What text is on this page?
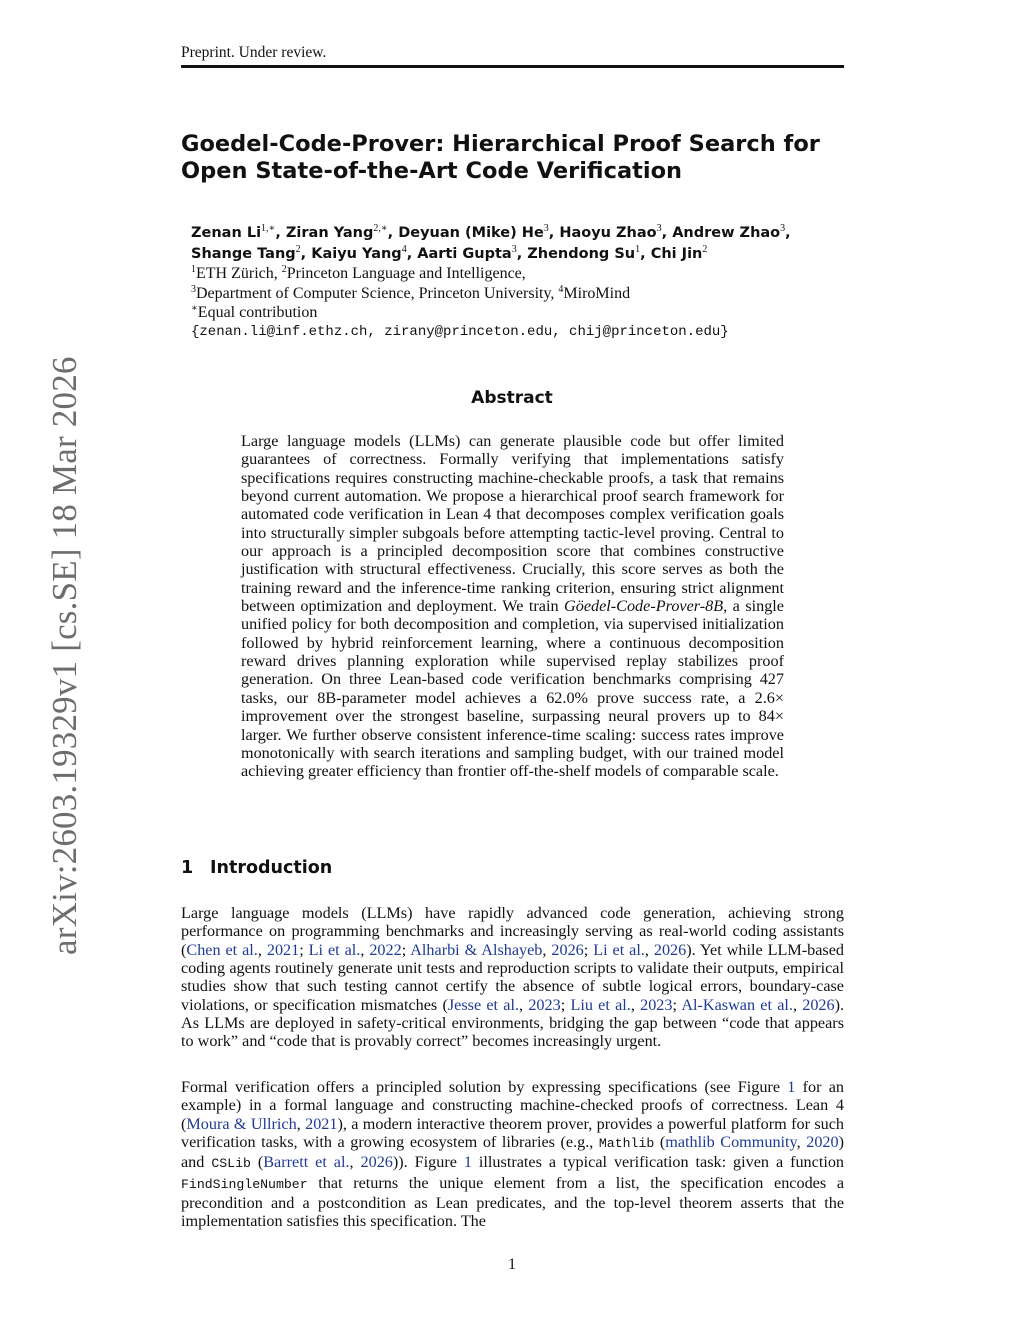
Preprint. Under review.
arXiv:2603.19329v1 [cs.SE] 18 Mar 2026
Goedel-Code-Prover: Hierarchical Proof Search for
Open State-of-the-Art Code Verification
Zenan $Li^{1,∗}$, Ziran Yang$^{2,∗}$, Deyuan (Mike) He$^3$, Haoyu Zhao$^3$, Andrew Zhao$^3$,
Shange Tang$^2$, Kaiyu Yang$^4$, Aarti Gupta$^3$, Zhendong Su$^1$, Chi Jin$^2$
$^1$ETH Zürich, $^2$Princeton Language and Intelligence,
$^3$Department of Computer Science, Princeton University, $^4$MiroMind
∗Equal contribution
{zenan.li@inf.ethz.ch, zirany@princeton.edu, chij@princeton.edu}
Abstract
Large language models (LLMs) can generate plausible code but offer limited guarantees of correctness. Formally verifying that implementations satisfy specifications requires constructing machine-checkable proofs, a task that remains beyond current automation. We propose a hierarchical proof search framework for automated code verification in Lean 4 that decomposes complex verification goals into structurally simpler subgoals before attempting tactic-level proving. Central to our approach is a principled decomposition score that combines constructive justification with structural effectiveness. Crucially, this score serves as both the training reward and the inference-time ranking criterion, ensuring strict alignment between optimization and deployment. We train Göedel-Code-Prover-8B, a single unified policy for both decomposition and completion, via supervised initialization followed by hybrid reinforcement learning, where a continuous decomposition reward drives planning exploration while supervised replay stabilizes proof generation. On three Lean-based code verification benchmarks comprising 427 tasks, our 8B-parameter model achieves a 62.0% prove success rate, a 2.6× improvement over the strongest baseline, surpassing neural provers up to 84× larger. We further observe consistent inference-time scaling: success rates improve monotonically with search iterations and sampling budget, with our trained model achieving greater efficiency than frontier off-the-shelf models of comparable scale.
1 Introduction
Large language models (LLMs) have rapidly advanced code generation, achieving strong performance on programming benchmarks and increasingly serving as real-world coding assistants (Chen et al., 2021; Li et al., 2022; Alharbi & Alshayeb, 2026; Li et al., 2026). Yet while LLM-based coding agents routinely generate unit tests and reproduction scripts to validate their outputs, empirical studies show that such testing cannot certify the absence of subtle logical errors, boundary-case violations, or specification mismatches (Jesse et al., 2023; Liu et al., 2023; Al-Kaswan et al., 2026). As LLMs are deployed in safety-critical environments, bridging the gap between “code that appears to work” and “code that is provably correct” becomes increasingly urgent.
Formal verification offers a principled solution by expressing specifications (see Figure 1 for an example) in a formal language and constructing machine-checked proofs of correctness. Lean 4 (Moura & Ullrich, 2021), a modern interactive theorem prover, provides a powerful platform for such verification tasks, with a growing ecosystem of libraries (e.g., Mathlib (mathlib Community, 2020) and CSLib (Barrett et al., 2026)). Figure 1 illustrates a typical verification task: given a function FindSingleNumber that returns the unique element from a list, the specification encodes a precondition and a postcondition as Lean predicates, and the top-level theorem asserts that the implementation satisfies this specification. The
1
